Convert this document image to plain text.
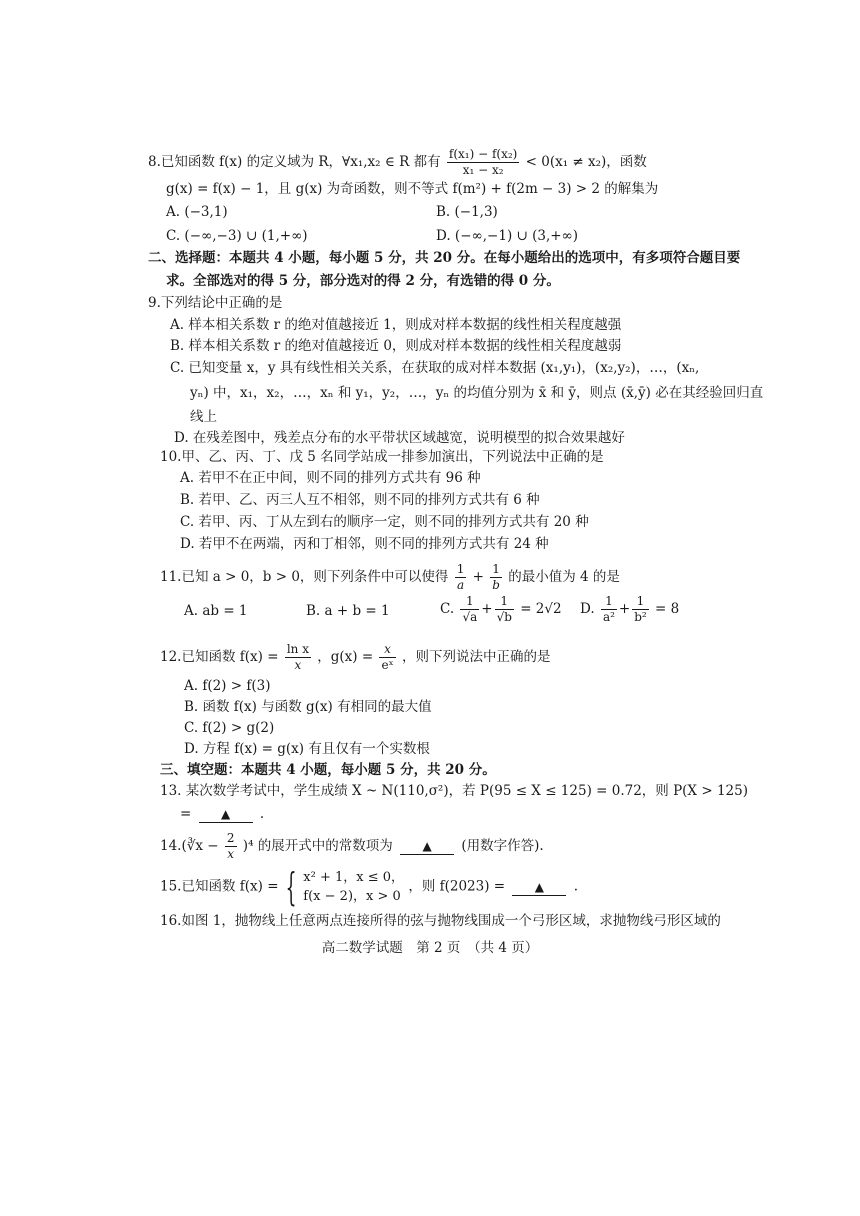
8.已知函数 f(x) 的定义域为 R，∀x₁,x₂ ∈ R 都有 $\frac{\text{f(x₁) − f(x₂)}}{\text{x₁ − x₂}} < 0(x_1 \ne x_2)$，函数
g(x) = f(x) − 1，且 g(x) 为奇函数，则不等式 f(m²) + f(2m − 3) > 2 的解集为
A. (−3,1)	B. (−1,3)
C. (−∞,−3) ∪ (1,+∞)	D. (−∞,−1) ∪ (3,+∞)
二、选择题：本题共 4 小题，每小题 5 分，共 20 分。在每小题给出的选项中，有多项符合题目要
求。全部选对的得 5 分，部分选对的得 2 分，有选错的得 0 分。
9.下列结论中正确的是
A. 样本相关系数 r 的绝对值越接近 1，则成对样本数据的线性相关程度越强
B. 样本相关系数 r 的绝对值越接近 0，则成对样本数据的线性相关程度越弱
C. 已知变量 x，y 具有线性相关关系，在获取的成对样本数据 (x₁,y₁)，(x₂,y₂)，…，(xₙ,
yₙ) 中，x₁，x₂，…，xₙ 和 y₁，y₂，…，yₙ 的均值分别为 x̄ 和 ȳ，则点 (x̄,ȳ) 必在其经验回归直
线上
D. 在残差图中，残差点分布的水平带状区域越宽，说明模型的拟合效果越好
10.甲、乙、丙、丁、戊 5 名同学站成一排参加演出，下列说法中正确的是
A. 若甲不在正中间，则不同的排列方式共有 96 种
B. 若甲、乙、丙三人互不相邻，则不同的排列方式共有 6 种
C. 若甲、丙、丁从左到右的顺序一定，则不同的排列方式共有 20 种
D. 若甲不在两端，丙和丁相邻，则不同的排列方式共有 24 种
11.已知 a > 0，b > 0，则下列条件中可以使得 $\frac{1}{a} + \frac{1}{b}$ 的最小值为 4 的是
A. ab = 1	B. a + b = 1	C. $\frac{1}{√a} + \frac{1}{√b} = 2√2$ D. $\frac{1}{\text{a²}} + \frac{1}{\text{b²}} = 8$
12.已知函数 $f(x) = \frac{\text{ln x}}{x}$ ，$g(x) = \frac{x}{\text{eˣ}}$ ，则下列说法中正确的是
A. f(2) > f(3)
B. 函数 f(x) 与函数 g(x) 有相同的最大值
C. f(2) > g(2)
D. 方程 f(x) = g(x) 有且仅有一个实数根
三、填空题：本题共 4 小题，每小题 5 分，共 20 分。
13. 某次数学考试中，学生成绩 X ~ N(110,σ²)，若 P(95 ≤ X ≤ 125) = 0.72，则 P(X > 125)
= ▲ .
14.(∛x − $\frac{2}{x} )^4$ 的展开式中的常数项为 ▲ (用数字作答).
15.已知函数 f(x) = { x² + 1，x ≤ 0，
f(x − 2)，x > 0
，则 f(2023) = ▲ .
16.如图 1，抛物线上任意两点连接所得的弦与抛物线围成一个弓形区域，求抛物线弓形区域的
高二数学试题　第 2 页　（共 4 页）
